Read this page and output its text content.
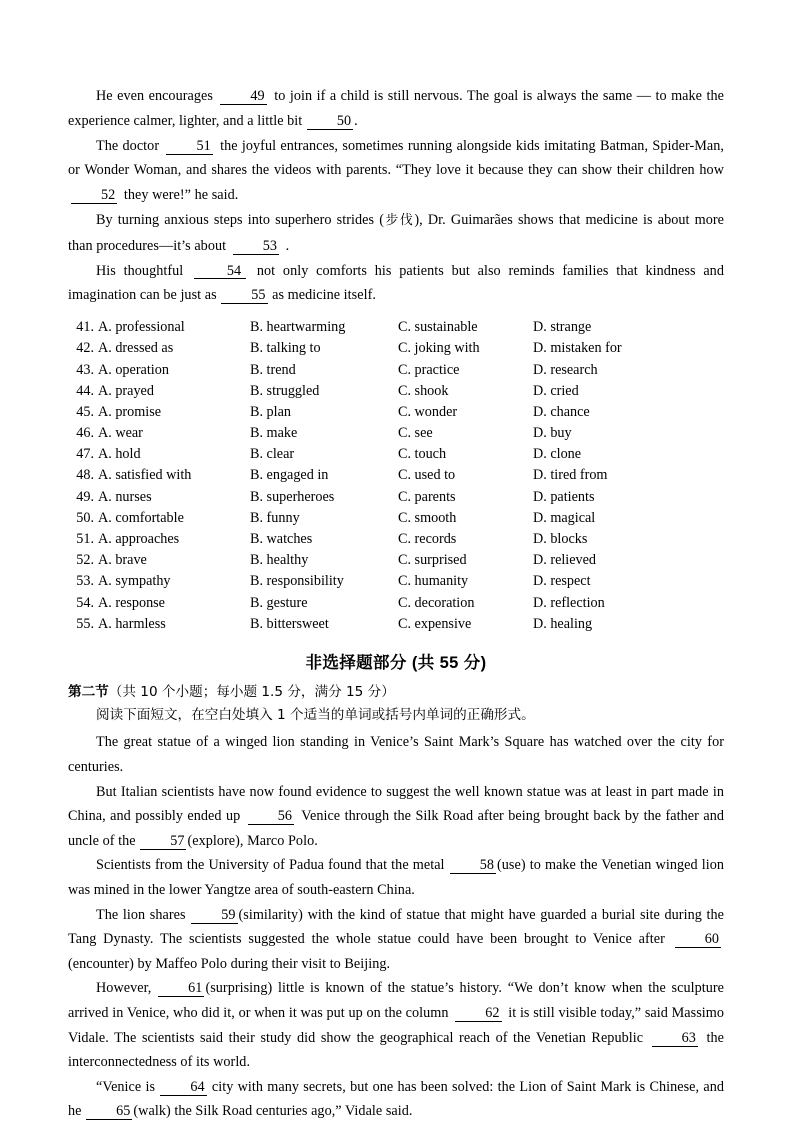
He even encourages	49 to join if a child is still nervous. The goal is always the same — to make the experience calmer, lighter, and a little bit 50 .

The doctor	51 the joyful entrances, sometimes running alongside kids imitating Batman, Spider-Man, or Wonder Woman, and shares the videos with parents. “They love it because they can show their children how 52 they were!” he said.

By turning anxious steps into superhero strides (步伐), Dr. Guimarães shows that medicine is about more than procedures—it’s about	53 .

His thoughtful	54 not only comforts his patients but also reminds families that kindness and imagination can be just as 55 as medicine itself.

41. A. professional	B. heartwarming	C. sustainable	D. strange
42. A. dressed as	B. talking to	C. joking with	D. mistaken for
43. A. operation	B. trend	C. practice	D. research
44. A. prayed	B. struggled	C. shook	D. cried
45. A. promise	B. plan	C. wonder	D. chance
46. A. wear	B. make	C. see	D. buy
47. A. hold	B. clear	C. touch	D. clone
48. A. satisfied with	B. engaged in	C. used to	D. tired from
49. A. nurses	B. superheroes	C. parents	D. patients
50. A. comfortable	B. funny	C. smooth	D. magical
51. A. approaches	B. watches	C. records	D. blocks
52. A. brave	B. healthy	C. surprised	D. relieved
53. A. sympathy	B. responsibility	C. humanity	D. respect
54. A. response	B. gesture	C. decoration	D. reflection
55. A. harmless	B. bittersweet	C. expensive	D. healing
非选择题部分 (共 55 分)
第二节（共 10 个小题；每小题 1.5 分，满分 15 分）
阅读下面短文，在空白处填入 1 个适当的单词或括号内单词的正确形式。

The great statue of a winged lion standing in Venice’s Saint Mark’s Square has watched over the city for centuries.

But Italian scientists have now found evidence to suggest the well known statue was at least in part made in China, and possibly ended up	56 Venice through the Silk Road after being brought back by the father and uncle of the 57 (explore), Marco Polo.

Scientists from the University of Padua found that the metal 58 (use) to make the Venetian winged lion was mined in the lower Yangtze area of south-eastern China.

The lion shares	59 (similarity) with the kind of statue that might have guarded a burial site during the Tang Dynasty. The scientists suggested the whole statue could have been brought to Venice after	60(encounter) by Maffeo Polo during their visit to Beijing.

However,	61 (surprising) little is known of the statue’s history. “We don’t know when the sculpture arrived in Venice, who did it, or when it was put up on the column	62 it is still visible today,” said Massimo Vidale. The scientists said their study did show the geographical reach of the Venetian Republic	63 the interconnectedness of its world.

“Venice is 64 city with many secrets, but one has been solved: the Lion of Saint Mark is Chinese, and he 65 (walk) the Silk Road centuries ago,” Vidale said.
